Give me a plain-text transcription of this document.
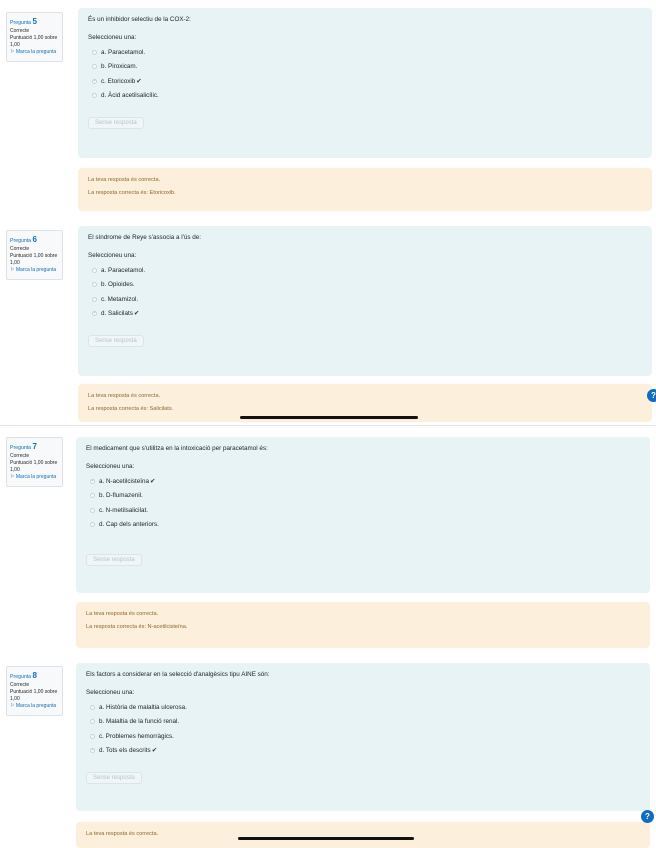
Pregunta 5
Correcte
Puntuació 1,00 sobre 1,00
⚐ Marca la pregunta
És un inhibidor selectiu de la COX-2:
Seleccioneu una:
a. Paracetamol.
b. Piroxicam.
• c. Etoricoxib ✔
d. Àcid acetilsalicílic.
Sense resposta
La teva resposta és correcta.
La resposta correcta és: Etoricoxib.
Pregunta 6
Correcte
Puntuació 1,00 sobre 1,00
⚐ Marca la pregunta
El síndrome de Reye s'associa a l'ús de:
Seleccioneu una:
a. Paracetamol.
b. Opioides.
c. Metamizol.
• d. Salicilats ✔
Sense resposta
La teva resposta és correcta.
La resposta correcta és: Salicilats.
?
Pregunta 7
Correcte
Puntuació 1,00 sobre 1,00
⚐ Marca la pregunta
El medicament que s'utilitza en la intoxicació per paracetamol és:
Seleccioneu una:
• a. N-acetilcisteïna ✔
b. D-flumazenil.
c. N-metilsalicilat.
d. Cap dels anteriors.
Sense resposta
La teva resposta és correcta.
La resposta correcta és: N-acetilcisteïna.
Pregunta 8
Correcte
Puntuació 1,00 sobre 1,00
⚐ Marca la pregunta
Els factors a considerar en la selecció d'analgèsics tipu AINE són:
Seleccioneu una:
a. Història de malaltia ulcerosa.
b. Malaltia de la funció renal.
c. Problemes hemorràgics.
• d. Tots els descrits ✔
Sense resposta
La teva resposta és correcta.
?
